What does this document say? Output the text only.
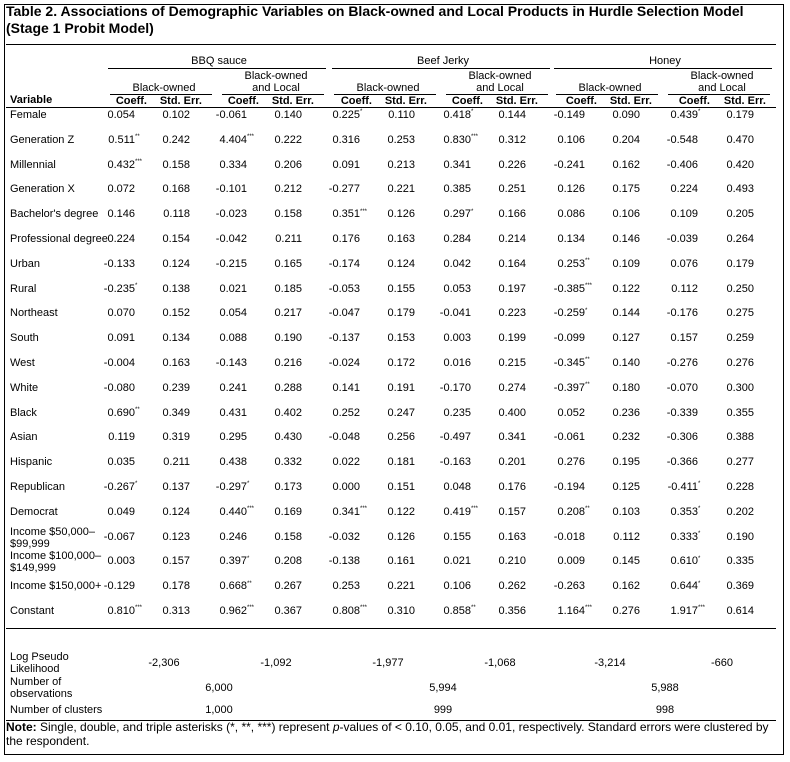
Table 2. Associations of Demographic Variables on Black-owned and Local Products in Hurdle Selection Model (Stage 1 Probit Model)
BBQ sauce	Beef Jerky	Honey
Black-owned
Black-owned
and Local	Black-owned
Black-owned
and Local	Black-owned
Black-owned
and Local
Variable	Coeff.	Std. Err.	Coeff.	Std. Err.	Coeff.	Std. Err.	Coeff.	Std. Err.	Coeff.	Std. Err.	Coeff.	Std. Err.
Female	0.054	0.102	-0.061	0.140	0.225*	0.110	0.418*	0.144	-0.149	0.090	0.439*	0.179
Generation Z	0.511**	0.242	4.404***	0.222	0.316	0.253	0.830***	0.312	0.106	0.204	-0.548	0.470
Millennial	0.432***	0.158	0.334	0.206	0.091	0.213	0.341	0.226	-0.241	0.162	-0.406	0.420
Generation X	0.072	0.168	-0.101	0.212	-0.277	0.221	0.385	0.251	0.126	0.175	0.224	0.493
Bachelor's degree 0.146	0.118	-0.023	0.158	0.351***	0.126	0.297*	0.166	0.086	0.106	0.109	0.205
Professional degree 0.224	0.154	-0.042	0.211	0.176	0.163	0.284	0.214	0.134	0.146	-0.039	0.264
Urban	-0.133	0.124	-0.215	0.165	-0.174	0.124	0.042	0.164	0.253**	0.109	0.076	0.179
Rural	-0.235*	0.138	0.021	0.185	-0.053	0.155	0.053	0.197	-0.385***	0.122	0.112	0.250
Northeast	0.070	0.152	0.054	0.217	-0.047	0.179	-0.041	0.223	-0.259*	0.144	-0.176	0.275
South	0.091	0.134	0.088	0.190	-0.137	0.153	0.003	0.199	-0.099	0.127	0.157	0.259
West	-0.004	0.163	-0.143	0.216	-0.024	0.172	0.016	0.215	-0.345**	0.140	-0.276	0.276
White	-0.080	0.239	0.241	0.288	0.141	0.191	-0.170	0.274	-0.397**	0.180	-0.070	0.300
Black	0.690**	0.349	0.431	0.402	0.252	0.247	0.235	0.400	0.052	0.236	-0.339	0.355
Asian	0.119	0.319	0.295	0.430	-0.048	0.256	-0.497	0.341	-0.061	0.232	-0.306	0.388
Hispanic	0.035	0.211	0.438	0.332	0.022	0.181	-0.163	0.201	0.276	0.195	-0.366	0.277
Republican	-0.267*	0.137	-0.297*	0.173	0.000	0.151	0.048	0.176	-0.194	0.125	-0.411*	0.228
Democrat	0.049	0.124	0.440***	0.169	0.341***	0.122	0.419***	0.157	0.208**	0.103	0.353*	0.202
Income $50,000–
$99,999
-0.067	0.123	0.246	0.158	-0.032	0.126	0.155	0.163	-0.018	0.112	0.333*	0.190
Income $100,000–
$149,999
0.003	0.157	0.397*	0.208	-0.138	0.161	0.021	0.210	0.009	0.145	0.610*	0.335
Income $150,000+ -0.129	0.178	0.668**	0.267	0.253	0.221	0.106	0.262	-0.263	0.162	0.644*	0.369
Constant	0.810***	0.313	0.962***	0.367	0.808***	0.310	0.858**	0.356	1.164***	0.276	1.917***	0.614
Log Pseudo
Likelihood	-2,306	-1,092	-1,977	-1,068	-3,214	-660
Number of
observations	6,000	5,994	5,988
Number of clusters	1,000	999	998
Note: Single, double, and triple asterisks (*, **, ***) represent p-values of < 0.10, 0.05, and 0.01, respectively. Standard errors were clustered by the respondent.
